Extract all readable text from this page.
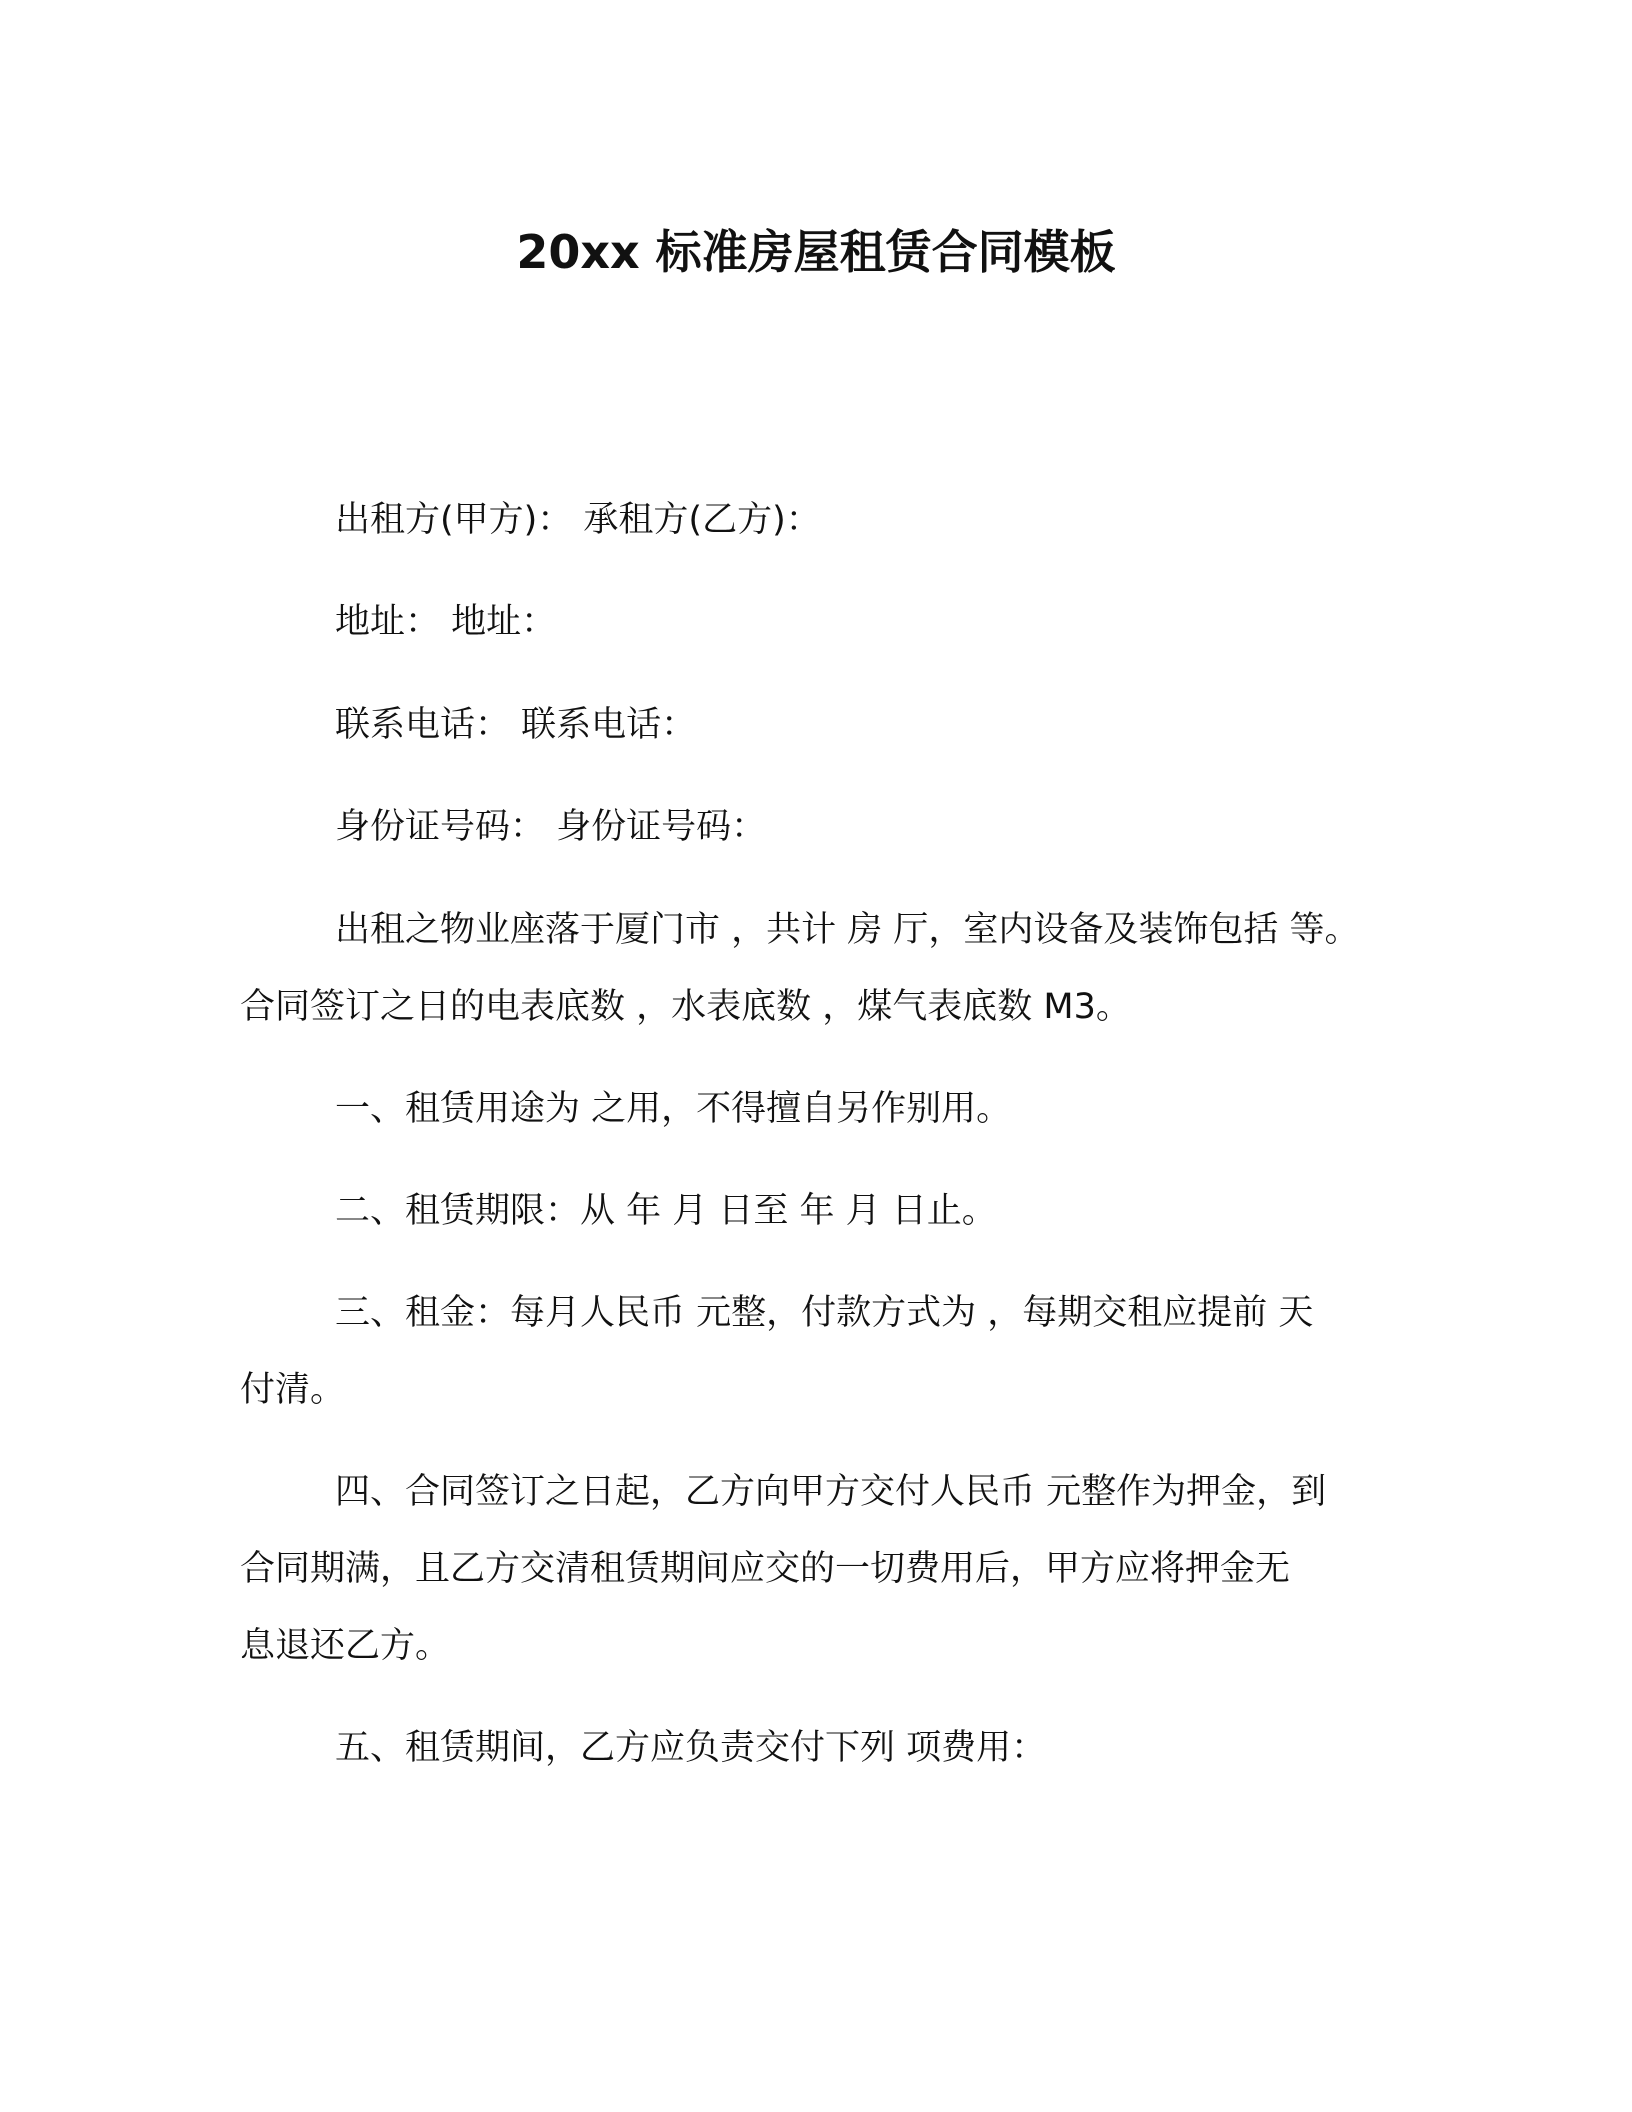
20xx 标准房屋租赁合同模板
出租方(甲方)： 承租方(乙方)：
地址： 地址：
联系电话： 联系电话：
身份证号码： 身份证号码：
出租之物业座落于厦门市 ，共计 房 厅，室内设备及装饰包括 等。
合同签订之日的电表底数 ，水表底数 ，煤气表底数 M3。
一、租赁用途为 之用，不得擅自另作别用。
二、租赁期限：从 年 月 日至 年 月 日止。
三、租金：每月人民币 元整，付款方式为 ，每期交租应提前 天
付清。
四、合同签订之日起，乙方向甲方交付人民币 元整作为押金，到
合同期满，且乙方交清租赁期间应交的一切费用后，甲方应将押金无
息退还乙方。
五、租赁期间，乙方应负责交付下列 项费用：
